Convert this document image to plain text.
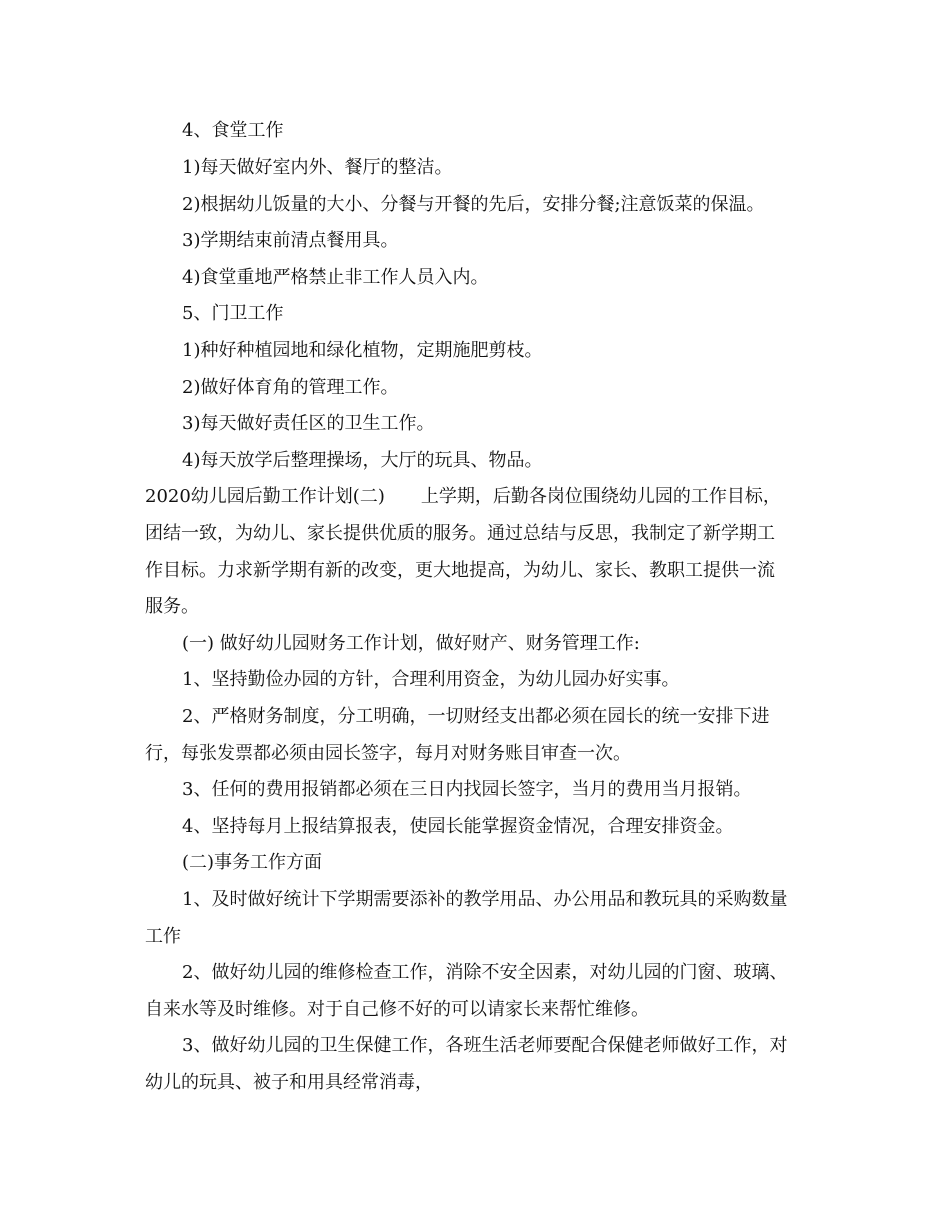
4、食堂工作

1)每天做好室内外、餐厅的整洁。

2)根据幼儿饭量的大小、分餐与开餐的先后，安排分餐;注意饭菜的保温。

3)学期结束前清点餐用具。

4)食堂重地严格禁止非工作人员入内。

5、门卫工作

1)种好种植园地和绿化植物，定期施肥剪枝。

2)做好体育角的管理工作。

3)每天做好责任区的卫生工作。

4)每天放学后整理操场，大厅的玩具、物品。

2020幼儿园后勤工作计划(二)　　上学期，后勤各岗位围绕幼儿园的工作目标，

团结一致，为幼儿、家长提供优质的服务。通过总结与反思，我制定了新学期工

作目标。力求新学期有新的改变，更大地提高，为幼儿、家长、教职工提供一流

服务。

(一) 做好幼儿园财务工作计划，做好财产、财务管理工作:

1、坚持勤俭办园的方针，合理利用资金，为幼儿园办好实事。

2、严格财务制度，分工明确，一切财经支出都必须在园长的统一安排下进

行，每张发票都必须由园长签字，每月对财务账目审查一次。

3、任何的费用报销都必须在三日内找园长签字，当月的费用当月报销。

4、坚持每月上报结算报表，使园长能掌握资金情况，合理安排资金。

(二)事务工作方面

1、及时做好统计下学期需要添补的教学用品、办公用品和教玩具的采购数量

工作

2、做好幼儿园的维修检查工作，消除不安全因素，对幼儿园的门窗、玻璃、

自来水等及时维修。对于自己修不好的可以请家长来帮忙维修。

3、做好幼儿园的卫生保健工作，各班生活老师要配合保健老师做好工作，对

幼儿的玩具、被子和用具经常消毒，
